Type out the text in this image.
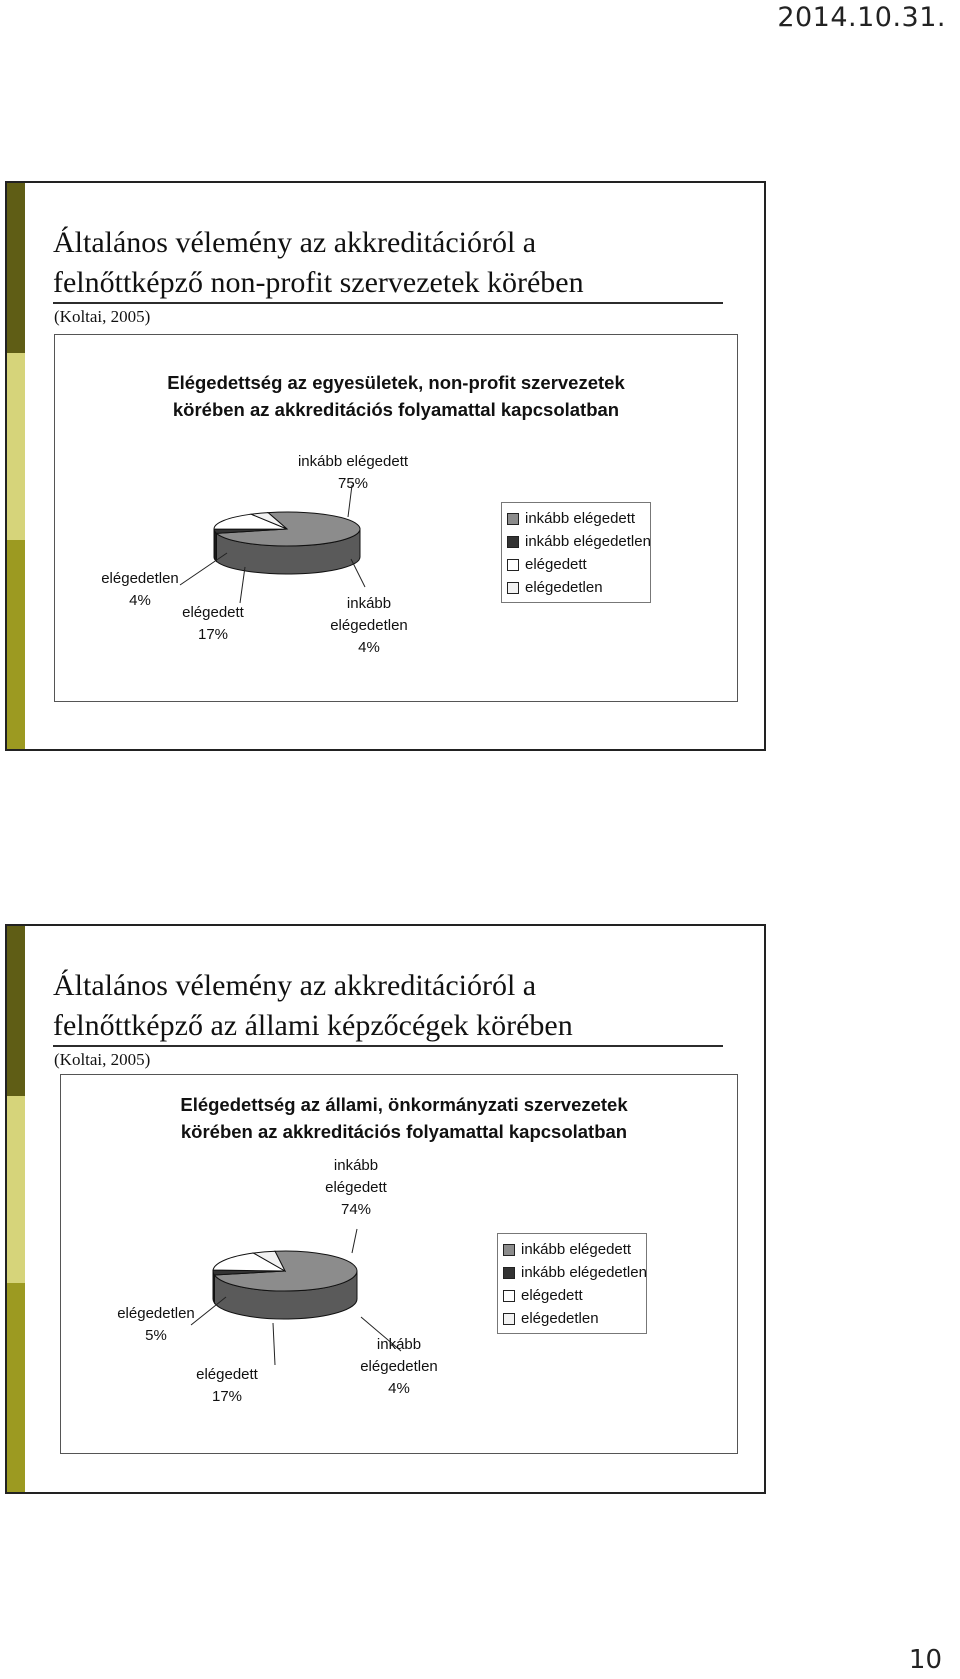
2014.10.31.
Általános vélemény az akkreditációról a
felnőttképző non-profit szervezetek körében
(Koltai, 2005)
Elégedettség az egyesületek, non-profit szervezetek
körében az akkreditációs folyamattal kapcsolatban
inkább elégedett
75%
inkább
elégedetlen
4%
elégedett
17%
elégedetlen
4%
inkább elégedett
inkább elégedetlen
elégedett
elégedetlen
Általános vélemény az akkreditációról a
felnőttképző az állami képzőcégek körében
(Koltai, 2005)
Elégedettség az állami, önkormányzati szervezetek
körében az akkreditációs folyamattal kapcsolatban
inkább
elégedett
74%
inkább
elégedetlen
4%
elégedett
17%
elégedetlen
5%
inkább elégedett
inkább elégedetlen
elégedett
elégedetlen
10
